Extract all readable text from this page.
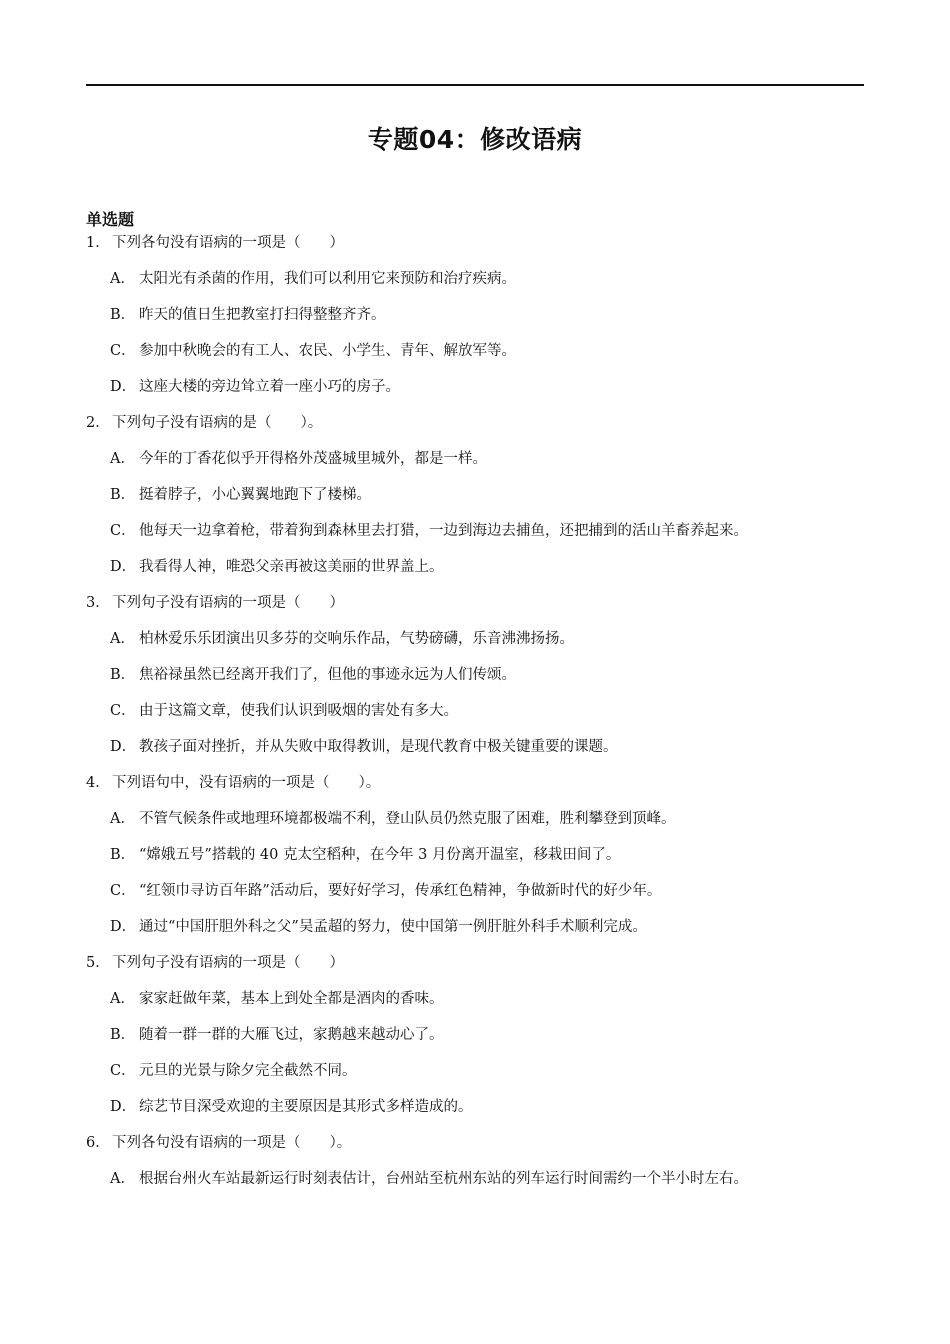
专题04：修改语病
单选题
1． 下列各句没有语病的一项是（　　）
A． 太阳光有杀菌的作用，我们可以利用它来预防和治疗疾病。
B． 昨天的值日生把教室打扫得整整齐齐。
C． 参加中秋晚会的有工人、农民、小学生、青年、解放军等。
D． 这座大楼的旁边耸立着一座小巧的房子。
2． 下列句子没有语病的是（　　）。
A． 今年的丁香花似乎开得格外茂盛城里城外，都是一样。
B． 挺着脖子，小心翼翼地跑下了楼梯。
C． 他每天一边拿着枪，带着狗到森林里去打猎，一边到海边去捕鱼，还把捕到的活山羊畜养起来。
D． 我看得人神，唯恐父亲再被这美丽的世界盖上。
3． 下列句子没有语病的一项是（　　）
A． 柏林爱乐乐团演出贝多芬的交响乐作品，气势磅礴，乐音沸沸扬扬。
B． 焦裕禄虽然已经离开我们了，但他的事迹永远为人们传颂。
C． 由于这篇文章，使我们认识到吸烟的害处有多大。
D． 教孩子面对挫折，并从失败中取得教训，是现代教育中极关键重要的课题。
4． 下列语句中，没有语病的一项是（　　）。
A． 不管气候条件或地理环境都极端不利，登山队员仍然克服了困难，胜利攀登到顶峰。
B． “嫦娥五号”搭载的 40 克太空稻种，在今年 3 月份离开温室，移栽田间了。
C． “红领巾寻访百年路”活动后，要好好学习，传承红色精神，争做新时代的好少年。
D． 通过“中国肝胆外科之父”吴孟超的努力，使中国第一例肝脏外科手术顺利完成。
5． 下列句子没有语病的一项是（　　）
A． 家家赶做年菜，基本上到处全都是酒肉的香味。
B． 随着一群一群的大雁飞过，家鹅越来越动心了。
C． 元旦的光景与除夕完全截然不同。
D． 综艺节目深受欢迎的主要原因是其形式多样造成的。
6． 下列各句没有语病的一项是（　　）。
A． 根据台州火车站最新运行时刻表估计，台州站至杭州东站的列车运行时间需约一个半小时左右。
